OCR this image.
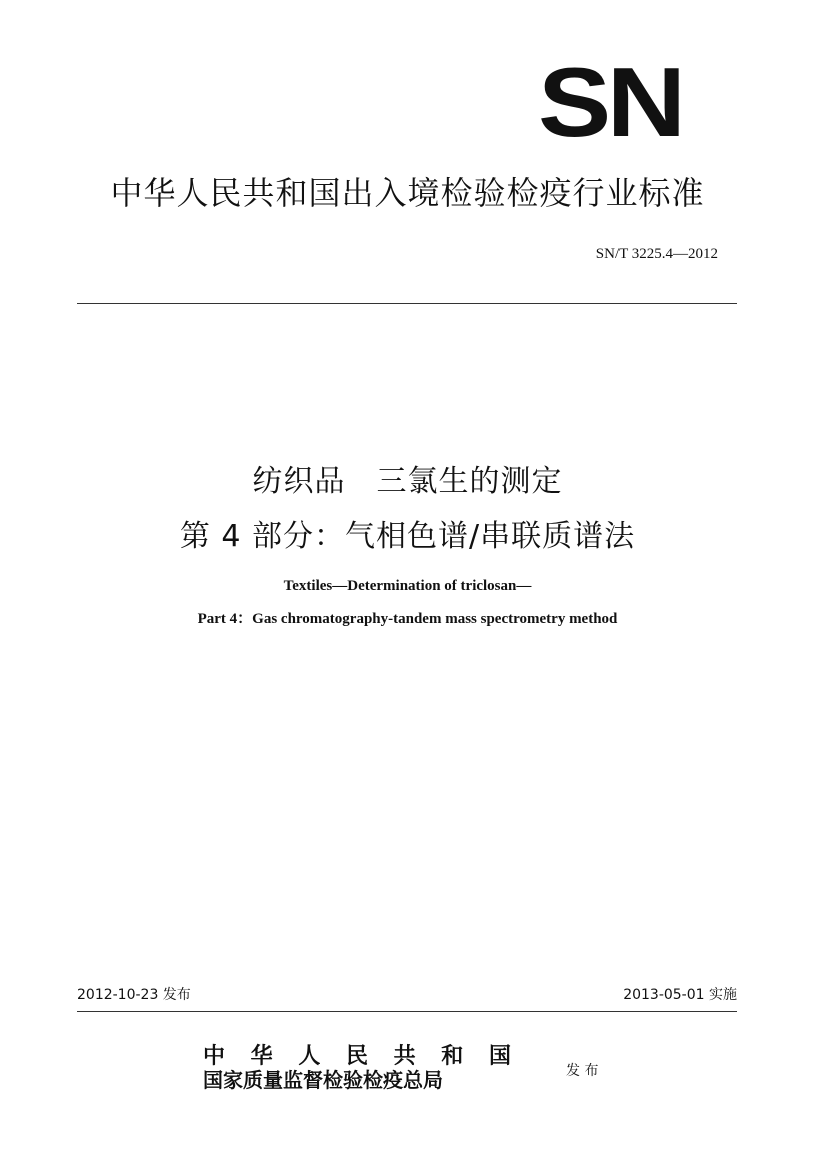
SN
中华人民共和国出入境检验检疫行业标准
SN/T 3225.4—2012
纺织品　三氯生的测定
第 4 部分：气相色谱/串联质谱法
Textiles—Determination of triclosan—
Part 4：Gas chromatography-tandem mass spectrometry method
2012-10-23 发布	2013-05-01 实施
中 华 人 民 共 和 国
国家质量监督检验检疫总局	发 布
